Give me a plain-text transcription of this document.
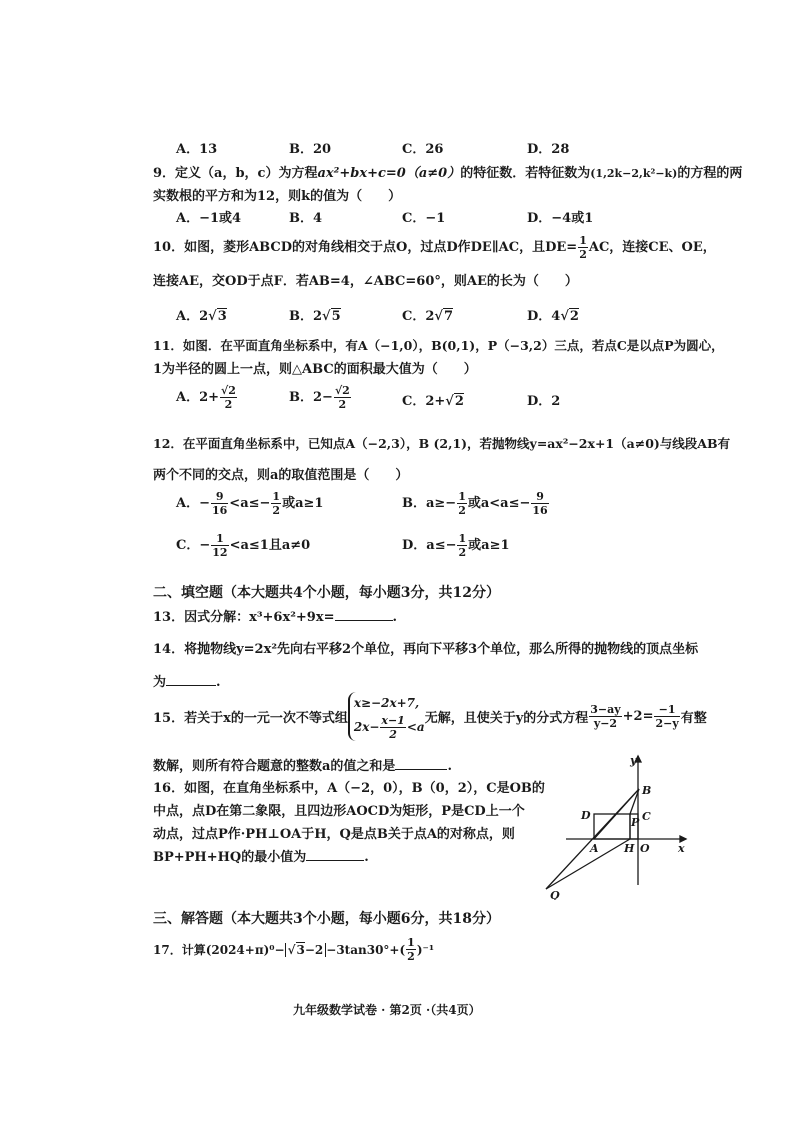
A．13	B．20	C．26	D．28
9．定义（a，b，c）为方程ax²+bx+c=0（a≠0）的特征数．若特征数为(1,2k−2,k²−k)的方程的两
实数根的平方和为12，则k的值为（　　）
A．−1或4	B．4	C．−1	D．−4或1
10．如图，菱形ABCD的对角线相交于点O，过点D作DE∥AC，且$DE= \frac{1}{2}$ AC，连接CE、OE，
连接AE，交OD于点F．若AB=4，∠ABC=60°，则AE的长为（　　）
A．2√3	B．2√5	C．2√7	D．4√2
11．如图．在平面直角坐标系中，有A（−1,0），B(0,1)，P（−3,2）三点，若点C是以点P为圆心，
1为半径的圆上一点，则△ABC的面积最大值为（　　）
A．$2+ \frac{√2}{2}$	B．$2- \frac{√2}{2}$	C．2+√2	D．2
12．在平面直角坐标系中，已知点A（−2,3），B (2,1)，若抛物线y=ax²−2x+1（a≠0)与线段AB有
两个不同的交点，则a的取值范围是（　　）
A．− $\frac{9}{16} <a\le- \frac{1}{2}$ 或a≥1	B．$a\ge- \frac{1}{2}$ 或$a<a\le- \frac{9}{16}$
C．− $\frac{1}{12} <a\le 1$且a≠0	D．$a\le- \frac{1}{2}$ 或a≥1
二、填空题（本大题共4个小题，每小题3分，共12分）
13．因式分解：x³+6x²+9x=	.
14．将抛物线y=2x²先向右平移2个单位，再向下平移3个单位，那么所得的抛物线的顶点坐标
为	.
15．若关于x的一元一次不等式组
x≥−2x+7,
$2x- \frac{x-1}{2} <a$
无解，且使关于y的分式方程 $\frac{3-ay}{y-2} +2= \frac{-1}{2-y}$ 有整
数解，则所有符合题意的整数a的值之和是	.
16．如图，在直角坐标系中，A（−2，0），B（0，2），C是OB的
中点，点D在第二象限，且四边形AOCD为矩形，P是CD上一个
动点，过点P作·PH⊥OA于H，Q是点B关于点A的对称点，则
BP+PH+HQ的最小值为	.
y
x
B
C
D
P
A H O
Q
三、解答题（本大题共3个小题，每小题6分，共18分）
17．计算$(2024+\pi)^0- √3-2 -3\tan 30^\circ+( \frac{1}{2} )^{-1}$
九年级数学试卷 · 第2页 ·（共4页）
